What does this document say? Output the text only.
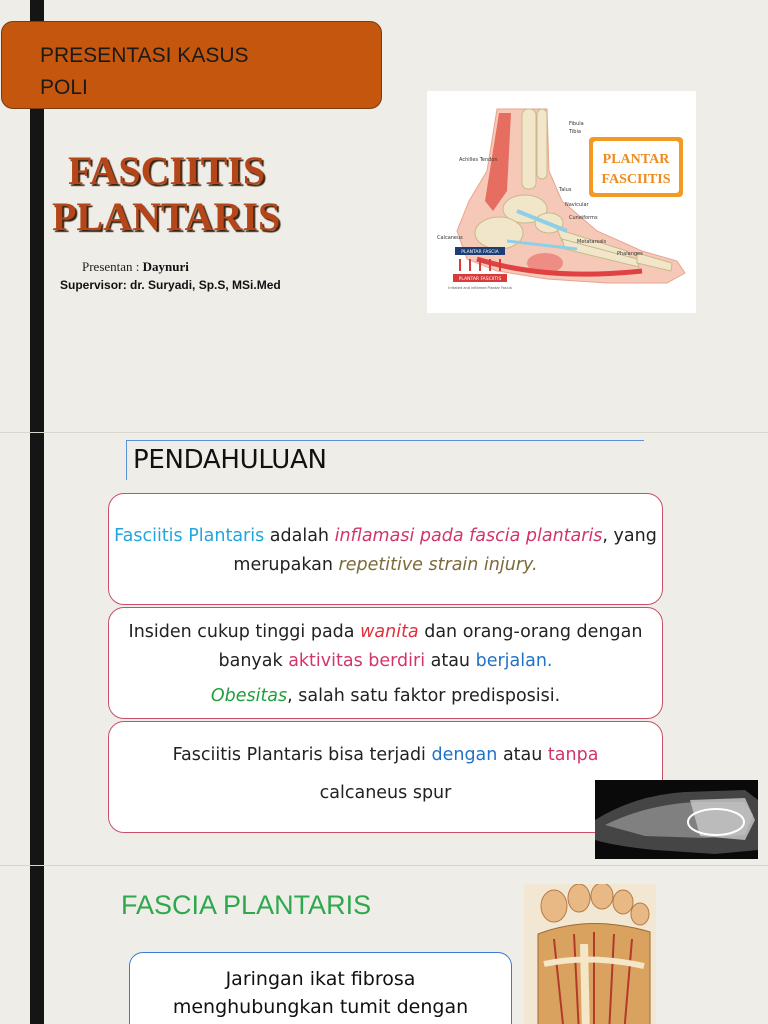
PRESENTASI KASUS
POLI
FASCIITIS
PLANTARIS
Presentan : Daynuri
Supervisor: dr. Suryadi, Sp.S, MSi.Med
PLANTAR
FASCIITIS
Fibula
Tibia
Achilles Tendon
Talus
Navicular
Cuneiforms
Calcaneus
Metatarsals
Phalanges
PLANTAR FASCIA
PLANTAR FASCIITIS
Irritated and inflamed Plantar Fascia
PENDAHULUAN
Fasciitis Plantaris adalah inflamasi pada fascia plantaris, yang merupakan repetitive strain injury.
Insiden cukup tinggi pada wanita dan orang-orang dengan banyak aktivitas berdiri atau berjalan.
Obesitas, salah satu faktor predisposisi.
Fasciitis Plantaris bisa terjadi dengan atau tanpa
calcaneus spur
FASCIA PLANTARIS
Jaringan ikat fibrosa
menghubungkan tumit dengan
